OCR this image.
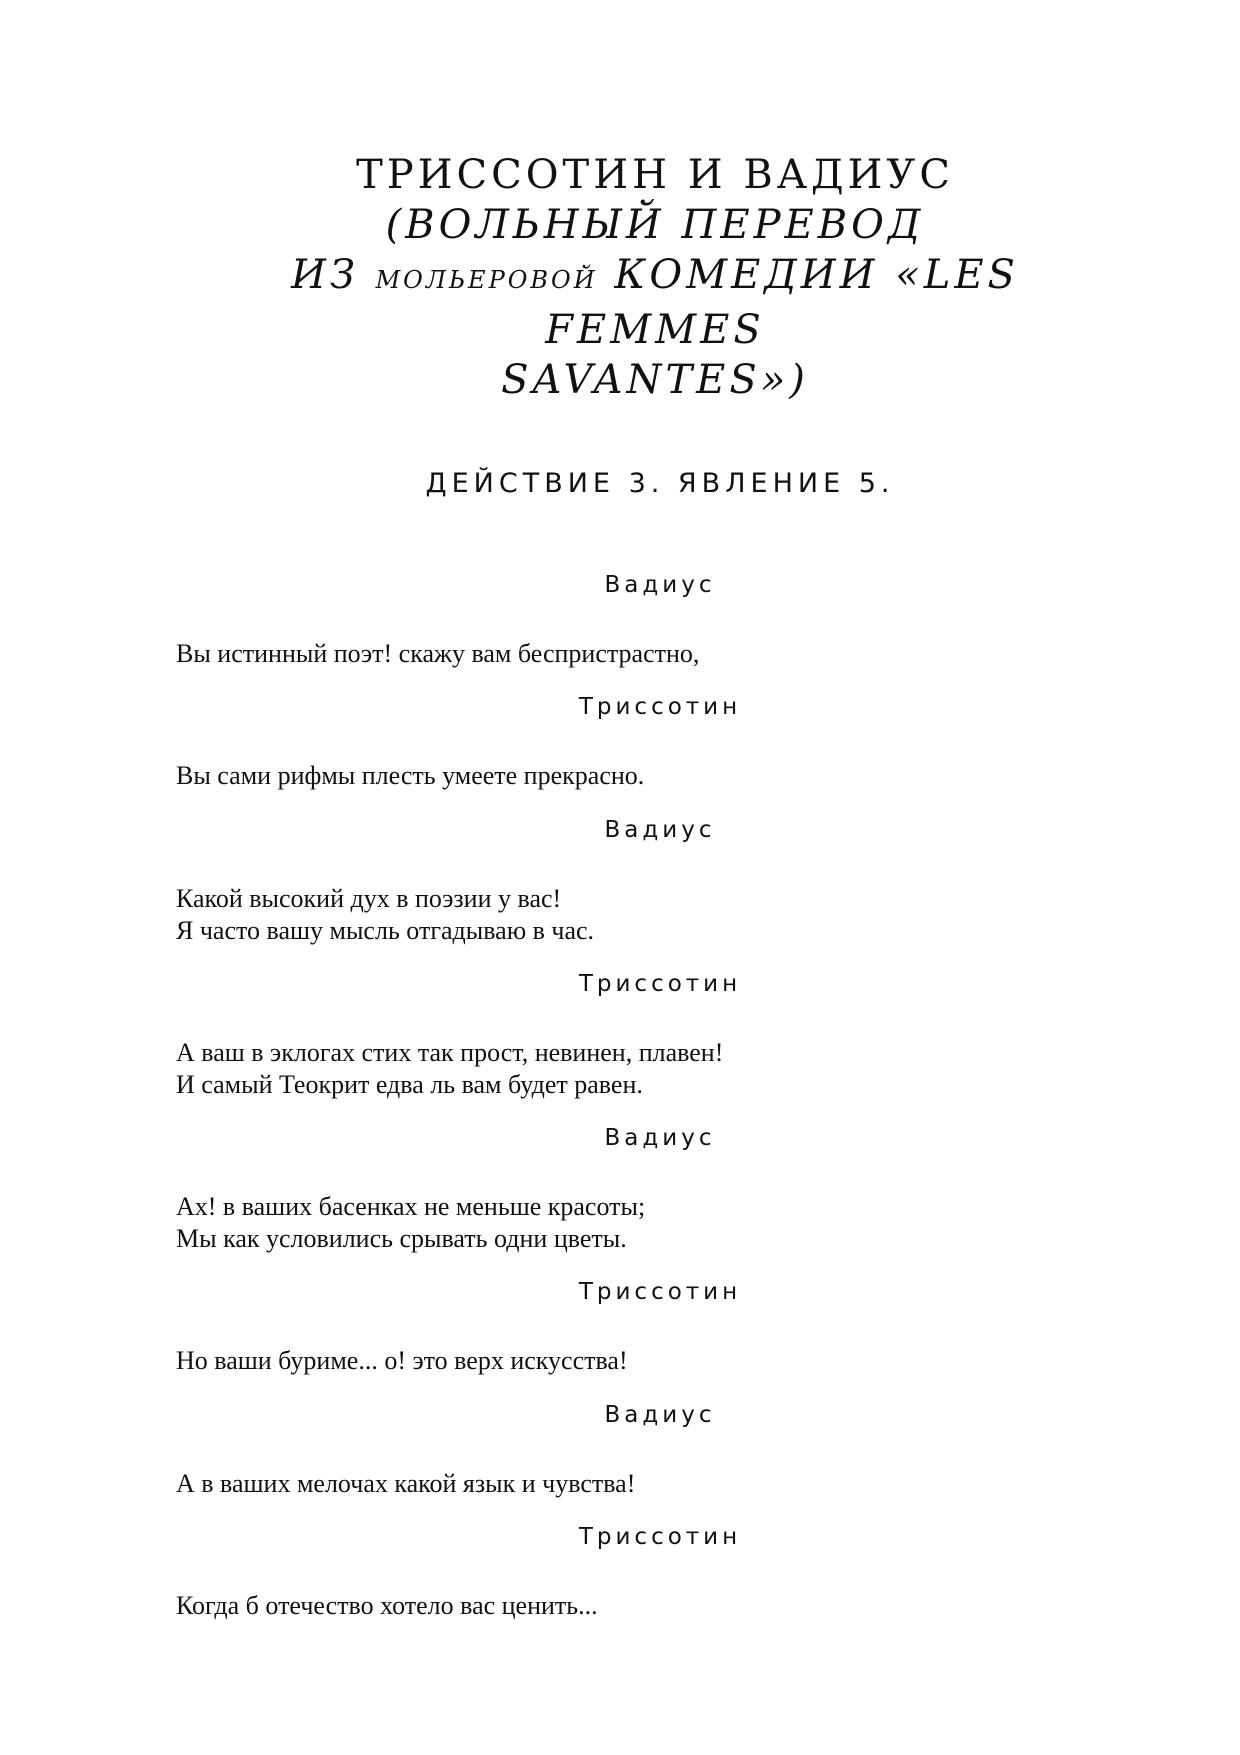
ТРИССОТИН И ВАДИУС
(ВОЛЬНЫЙ ПЕРЕВОД
ИЗ МОЛЬЕРОВОЙ КОМЕДИИ «LES FEMMES
SAVANTES»)
ДЕЙСТВИЕ 3. ЯВЛЕНИЕ 5.
Вадиус
Вы истинный поэт! скажу вам беспристрастно,
Триссотин
Вы сами рифмы плесть умеете прекрасно.
Вадиус
Какой высокий дух в поэзии у вас!
Я часто вашу мысль отгадываю в час.
Триссотин
А ваш в эклогах стих так прост, невинен, плавен!
И самый Теокрит едва ль вам будет равен.
Вадиус
Ах! в ваших басенках не меньше красоты;
Мы как условились срывать одни цветы.
Триссотин
Но ваши буриме... о! это верх искусства!
Вадиус
А в ваших мелочах какой язык и чувства!
Триссотин
Когда б отечество хотело вас ценить...
